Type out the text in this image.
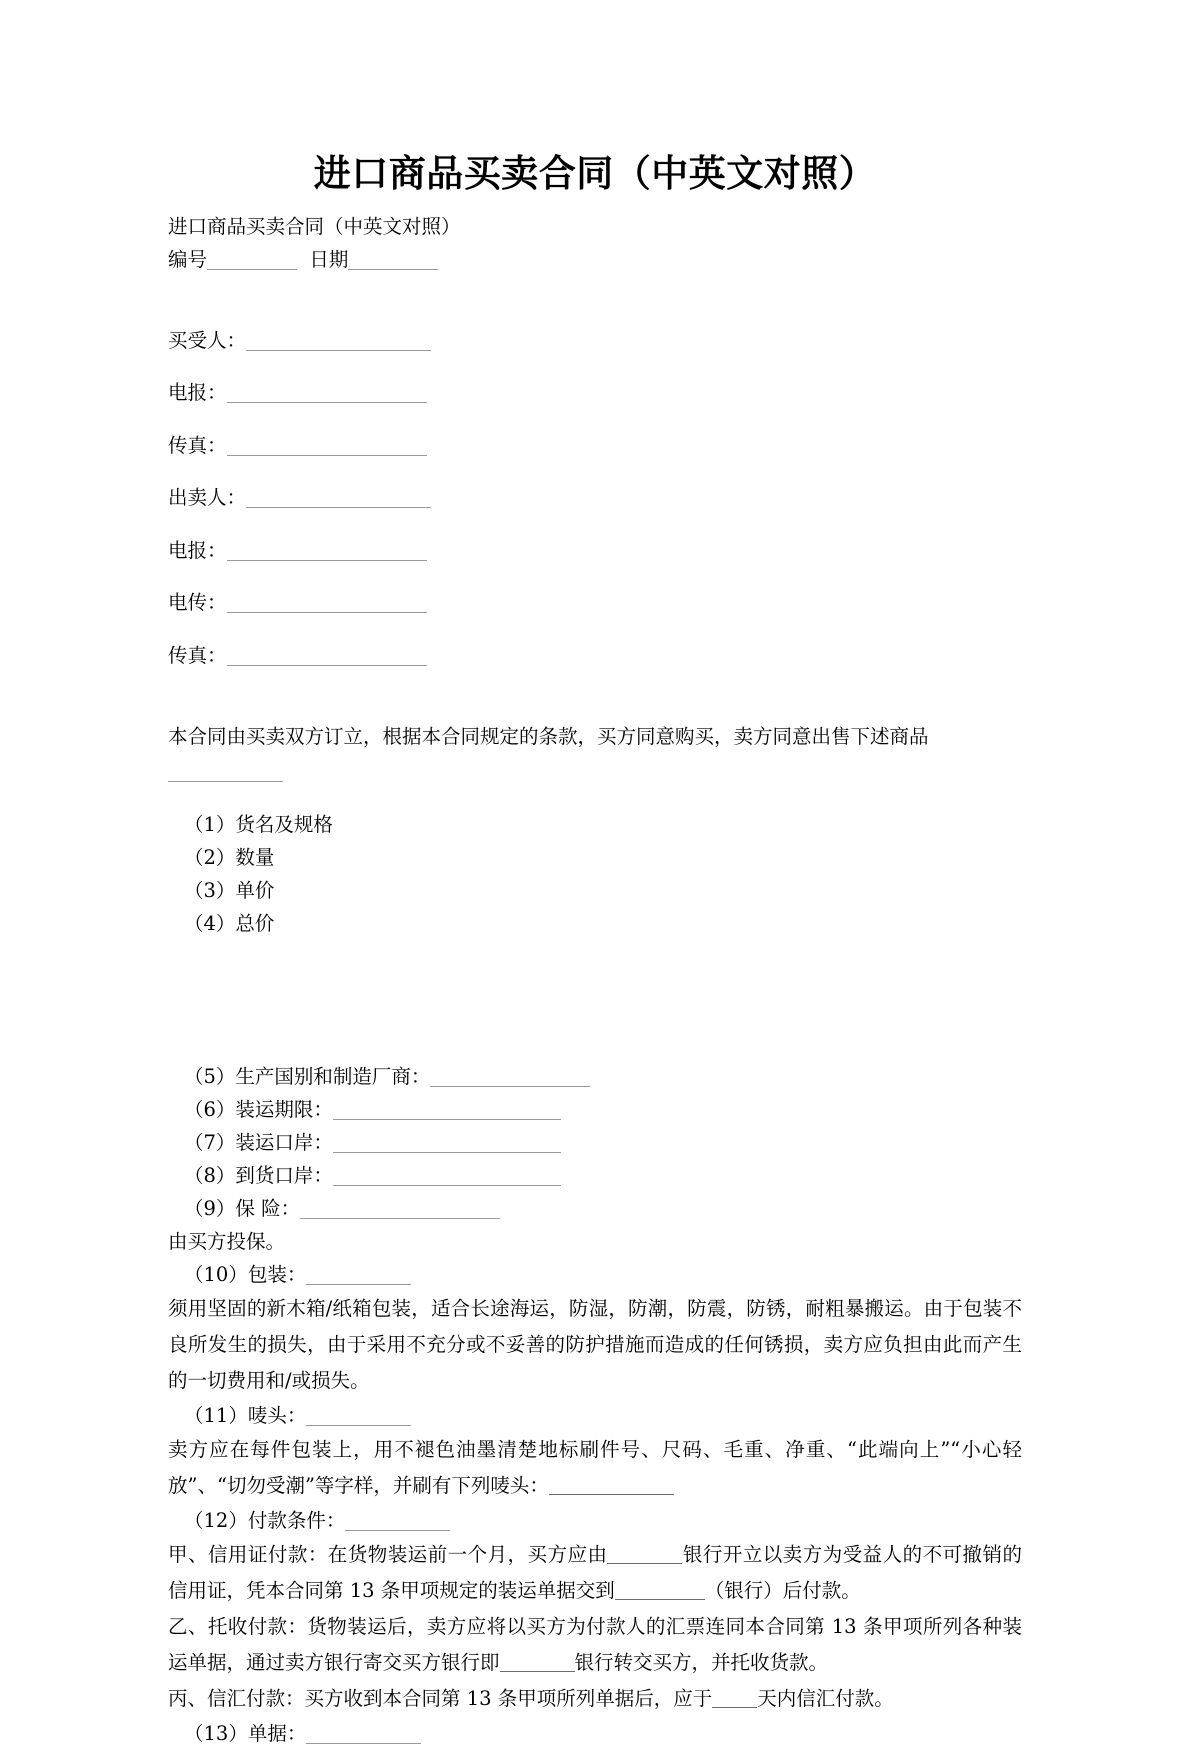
进口商品买卖合同（中英文对照）

进口商品买卖合同（中英文对照）

编号	日期

买受人：

电报：

传真：

出卖人：

电报：

电传：

传真：

本合同由买卖双方订立，根据本合同规定的条款，买方同意购买，卖方同意出售下述商品

（1）货名及规格

（2）数量

（3）单价

（4）总价

（5）生产国别和制造厂商：

（6）装运期限：

（7）装运口岸：

（8）到货口岸：

（9）保 险：

由买方投保。

（10）包装：

须用坚固的新木箱/纸箱包装，适合长途海运，防湿，防潮，防震，防锈，耐粗暴搬运。由于包装不良所发生的损失，由于采用不充分或不妥善的防护措施而造成的任何锈损，卖方应负担由此而产生的一切费用和/或损失。

（11）唛头：

卖方应在每件包装上，用不褪色油墨清楚地标刷件号、尺码、毛重、净重、“此端向上”“小心轻放”、“切勿受潮”等字样，并刷有下列唛头：

（12）付款条件：

甲、信用证付款：在货物装运前一个月，买方应由	银行开立以卖方为受益人的不可撤销的信用证，凭本合同第 13 条甲项规定的装运单据交到	（银行）后付款。

乙、托收付款：货物装运后，卖方应将以买方为付款人的汇票连同本合同第 13 条甲项所列各种装运单据，通过卖方银行寄交买方银行即	银行转交买方，并托收货款。

丙、信汇付款：买方收到本合同第 13 条甲项所列单据后，应于 天内信汇付款。

（13）单据：
